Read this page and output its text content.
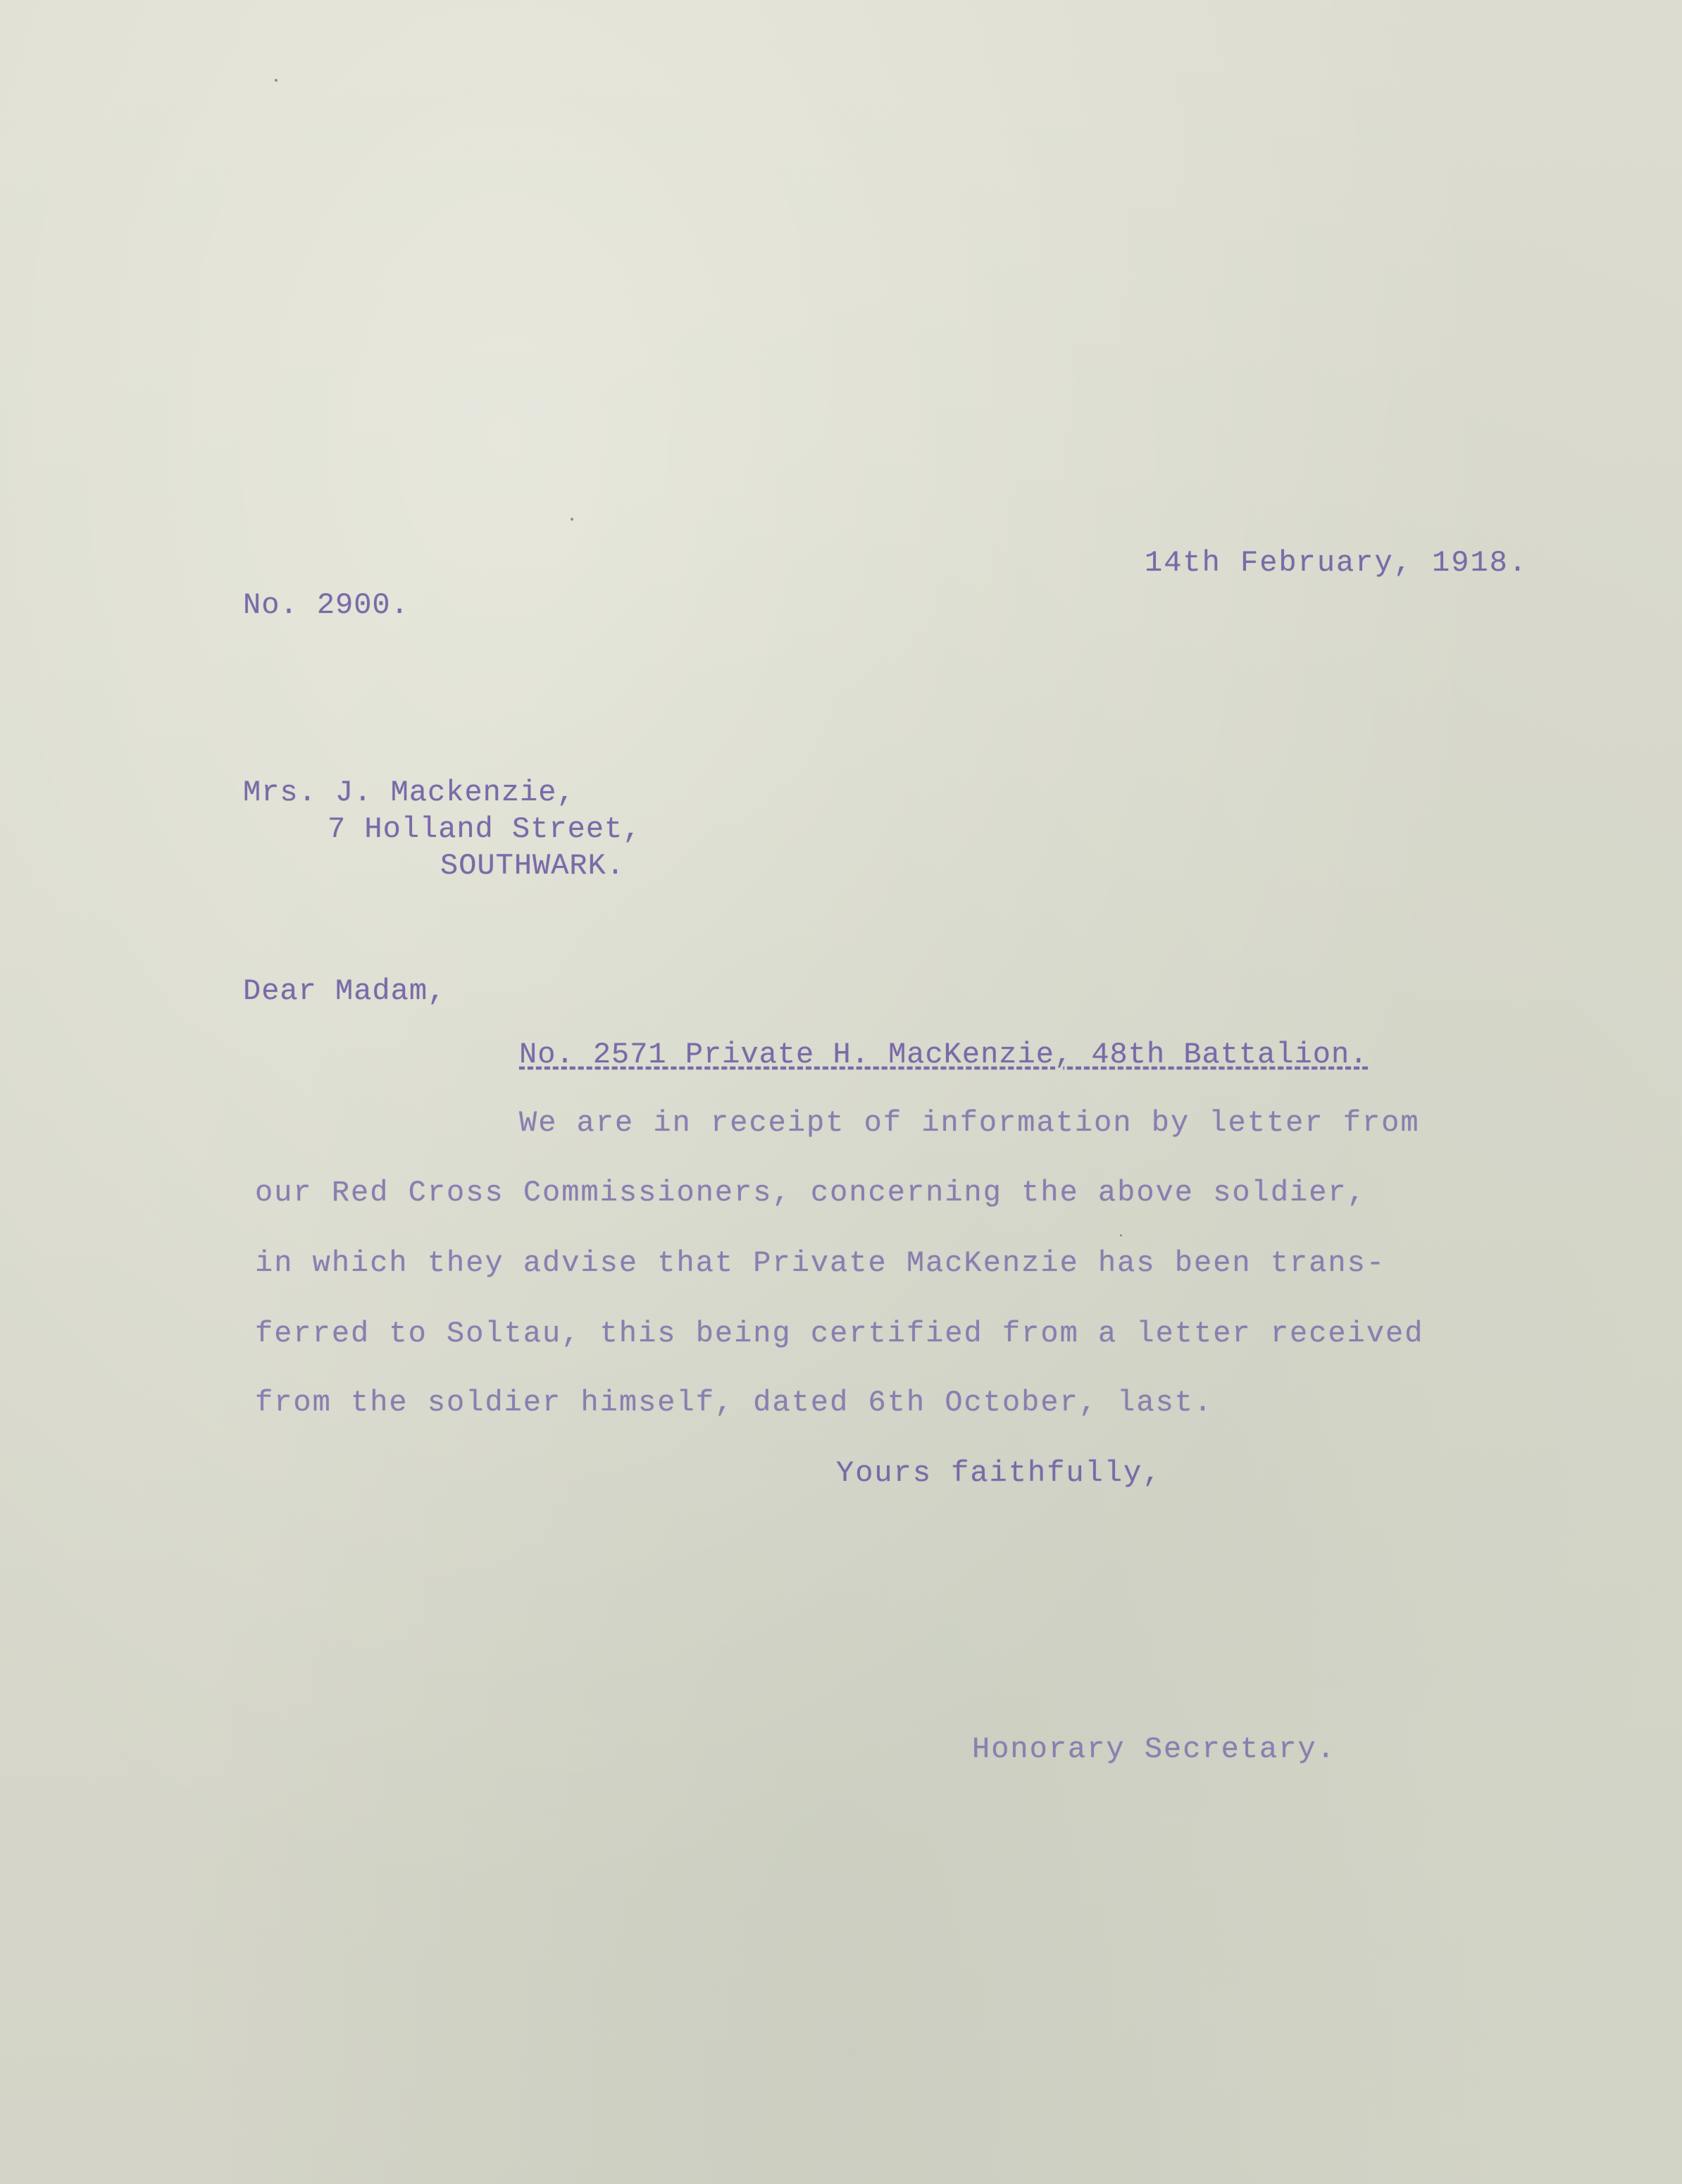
14th February, 1918.
No. 2900.
Mrs. J. Mackenzie,
7 Holland Street,
SOUTHWARK.
Dear Madam,
No. 2571 Private H. MacKenzie, 48th Battalion.
We are in receipt of information by letter from
our Red Cross Commissioners, concerning the above soldier,
in which they advise that Private MacKenzie has been trans-
ferred to Soltau, this being certified from a letter received
from the soldier himself, dated 6th October, last.
Yours faithfully,
Honorary Secretary.
